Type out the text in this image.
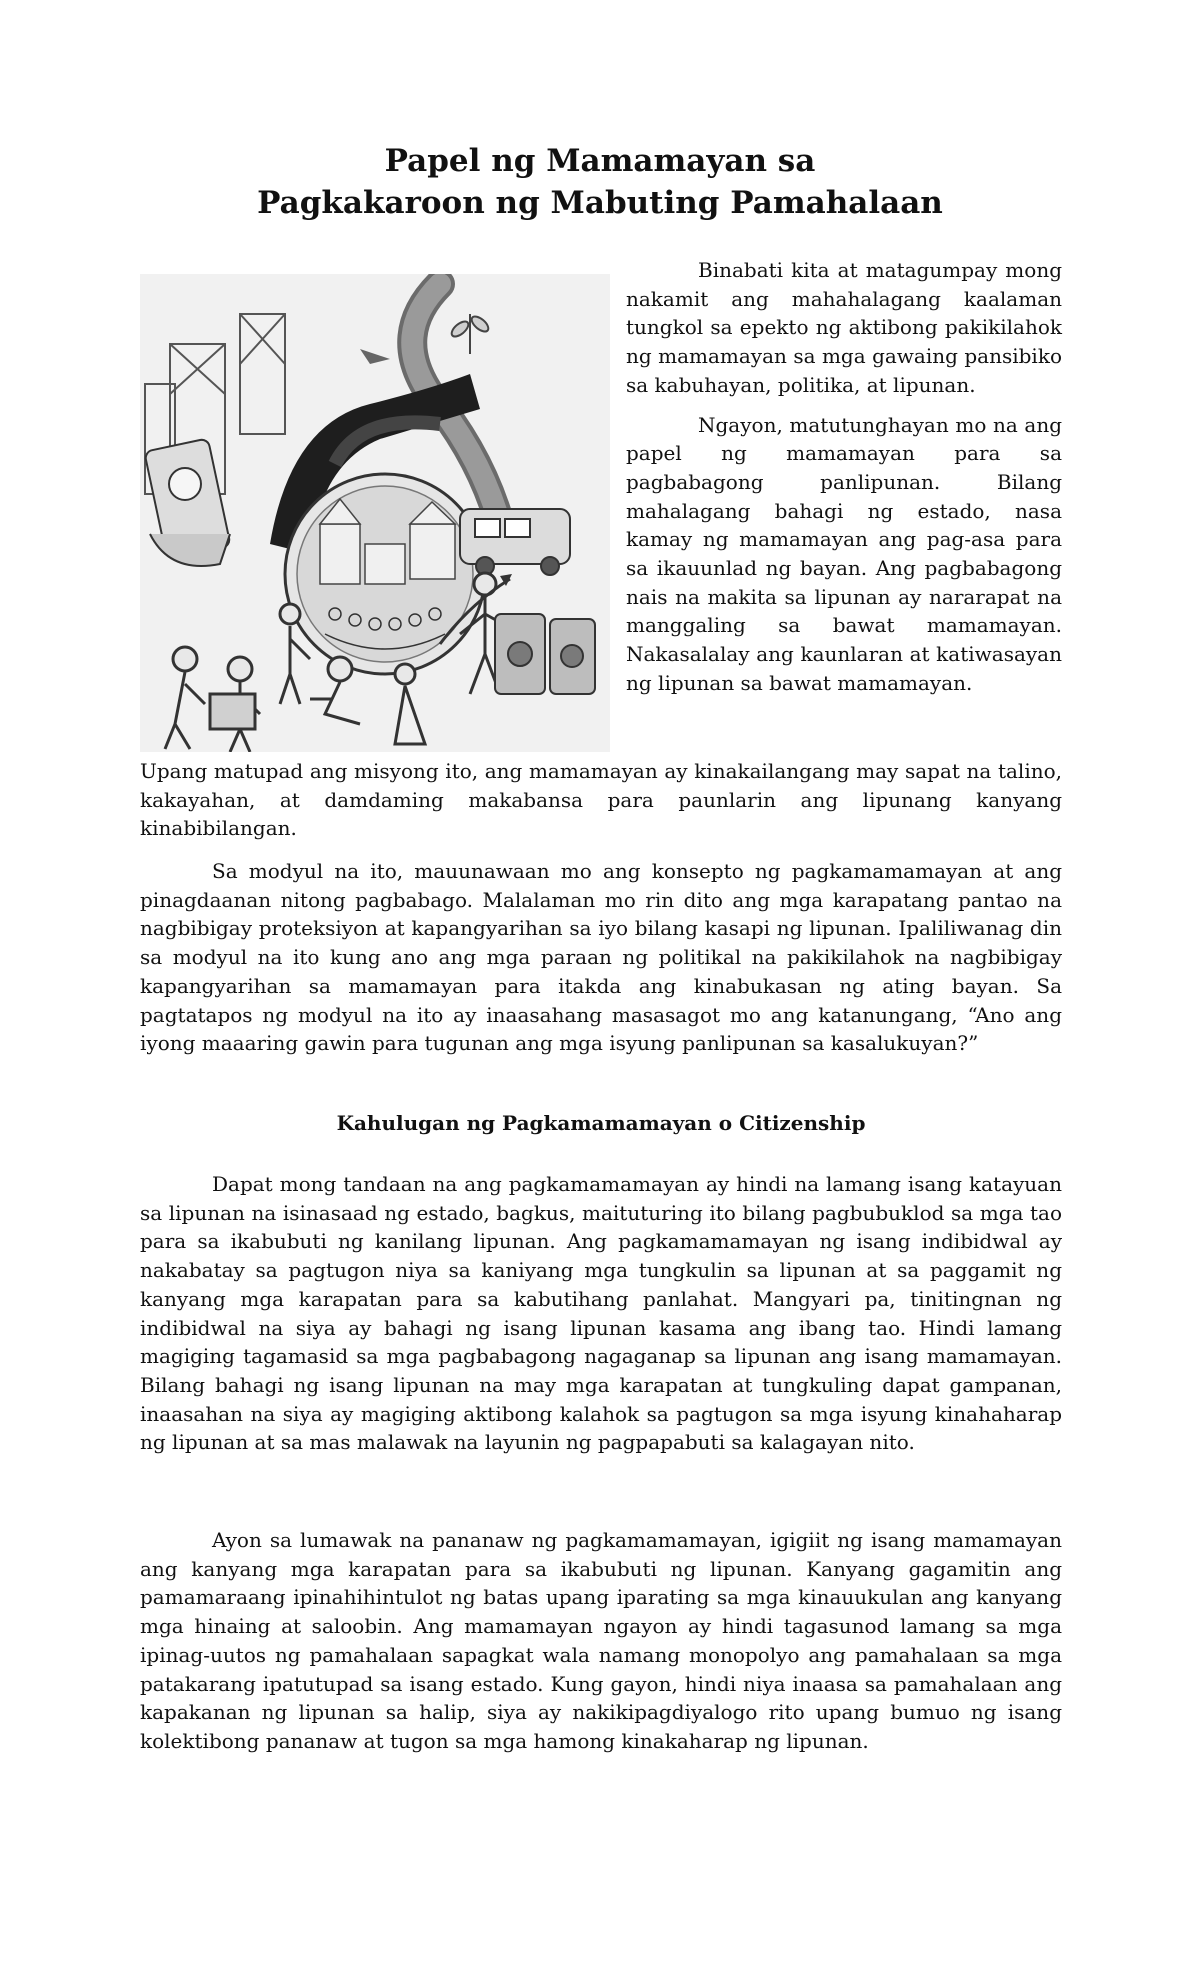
Papel ng Mamamayan sa
Pagkakaroon ng Mabuting Pamahalaan

Binabati kita at matagumpay mong nakamit ang mahahalagang kaalaman tungkol sa epekto ng aktibong pakikilahok ng mamamayan sa mga gawaing pansibiko sa kabuhayan, politika, at lipunan.

Ngayon, matutunghayan mo na ang papel ng mamamayan para sa pagbabagong panlipunan. Bilang mahalagang bahagi ng estado, nasa kamay ng mamamayan ang pag-asa para sa ikauunlad ng bayan. Ang pagbabagong nais na makita sa lipunan ay nararapat na manggaling sa bawat mamamayan. Nakasalalay ang kaunlaran at katiwasayan ng lipunan sa bawat mamamayan.

Upang matupad ang misyong ito, ang mamamayan ay kinakailangang may sapat na talino, kakayahan, at damdaming makabansa para paunlarin ang lipunang kanyang kinabibilangan.

Sa modyul na ito, mauunawaan mo ang konsepto ng pagkamamamayan at ang pinagdaanan nitong pagbabago. Malalaman mo rin dito ang mga karapatang pantao na nagbibigay proteksiyon at kapangyarihan sa iyo bilang kasapi ng lipunan. Ipaliliwanag din sa modyul na ito kung ano ang mga paraan ng politikal na pakikilahok na nagbibigay kapangyarihan sa mamamayan para itakda ang kinabukasan ng ating bayan. Sa pagtatapos ng modyul na ito ay inaasahang masasagot mo ang katanungang, “Ano ang iyong maaaring gawin para tugunan ang mga isyung panlipunan sa kasalukuyan?”

Kahulugan ng Pagkamamamayan o Citizenship

Dapat mong tandaan na ang pagkamamamayan ay hindi na lamang isang katayuan sa lipunan na isinasaad ng estado, bagkus, maituturing ito bilang pagbubuklod sa mga tao para sa ikabubuti ng kanilang lipunan. Ang pagkamamamayan ng isang indibidwal ay nakabatay sa pagtugon niya sa kaniyang mga tungkulin sa lipunan at sa paggamit ng kanyang mga karapatan para sa kabutihang panlahat. Mangyari pa, tinitingnan ng indibidwal na siya ay bahagi ng isang lipunan kasama ang ibang tao. Hindi lamang magiging tagamasid sa mga pagbabagong nagaganap sa lipunan ang isang mamamayan. Bilang bahagi ng isang lipunan na may mga karapatan at tungkuling dapat gampanan, inaasahan na siya ay magiging aktibong kalahok sa pagtugon sa mga isyung kinahaharap ng lipunan at sa mas malawak na layunin ng pagpapabuti sa kalagayan nito.

Ayon sa lumawak na pananaw ng pagkamamamayan, igigiit ng isang mamamayan ang kanyang mga karapatan para sa ikabubuti ng lipunan. Kanyang gagamitin ang pamamaraang ipinahihintulot ng batas upang iparating sa mga kinauukulan ang kanyang mga hinaing at saloobin. Ang mamamayan ngayon ay hindi tagasunod lamang sa mga ipinag-uutos ng pamahalaan sapagkat wala namang monopolyo ang pamahalaan sa mga patakarang ipatutupad sa isang estado. Kung gayon, hindi niya inaasa sa pamahalaan ang kapakanan ng lipunan sa halip, siya ay nakikipagdiyalogo rito upang bumuo ng isang kolektibong pananaw at tugon sa mga hamong kinakaharap ng lipunan.
